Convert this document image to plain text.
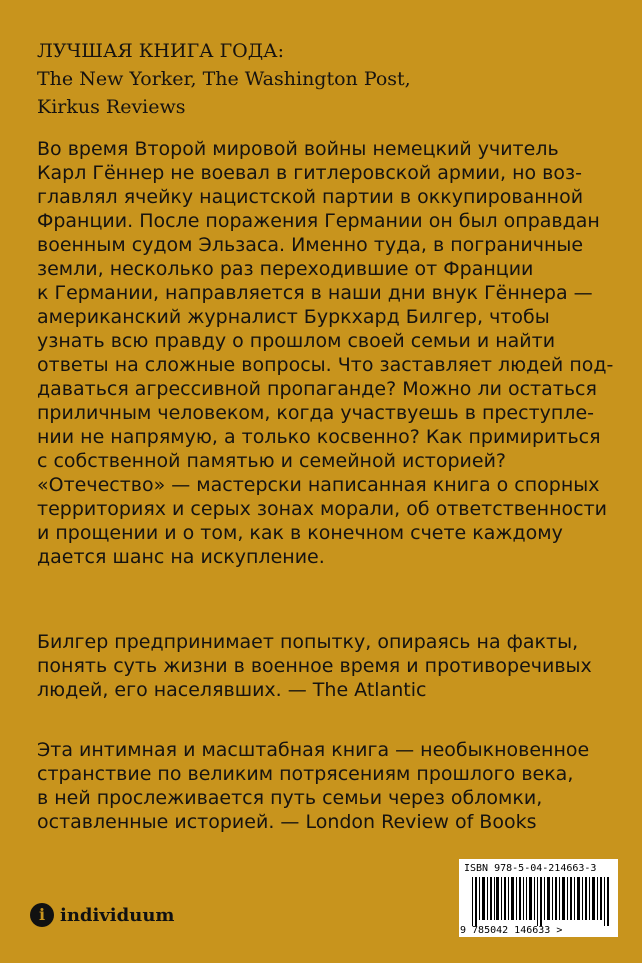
ЛУЧШАЯ КНИГА ГОДА:
The New Yorker, The Washington Post,
Kirkus Reviews
Во время Второй мировой войны немецкий учитель
Карл Гённер не воевал в гитлеровской армии, но воз-
главлял ячейку нацистской партии в оккупированной
Франции. После поражения Германии он был оправдан
военным судом Эльзаса. Именно туда, в пограничные
земли, несколько раз переходившие от Франции
к Германии, направляется в наши дни внук Гённера —
американский журналист Буркхард Билгер, чтобы
узнать всю правду о прошлом своей семьи и найти
ответы на сложные вопросы. Что заставляет людей под-
даваться агрессивной пропаганде? Можно ли остаться
приличным человеком, когда участвуешь в преступле-
нии не напрямую, а только косвенно? Как примириться
с собственной памятью и семейной историей?
«Отечество» — мастерски написанная книга о спорных
территориях и серых зонах морали, об ответственности
и прощении и о том, как в конечном счете каждому
дается шанс на искупление.
Билгер предпринимает попытку, опираясь на факты,
понять суть жизни в военное время и противоречивых
людей, его населявших. — The Atlantic
Эта интимная и масштабная книга — необыкновенное
странствие по великим потрясениям прошлого века,
в ней прослеживается путь семьи через обломки,
оставленные историей. — London Review of Books
i individuum
ISBN 978-5-04-214663-3
9 785042 146633 >
